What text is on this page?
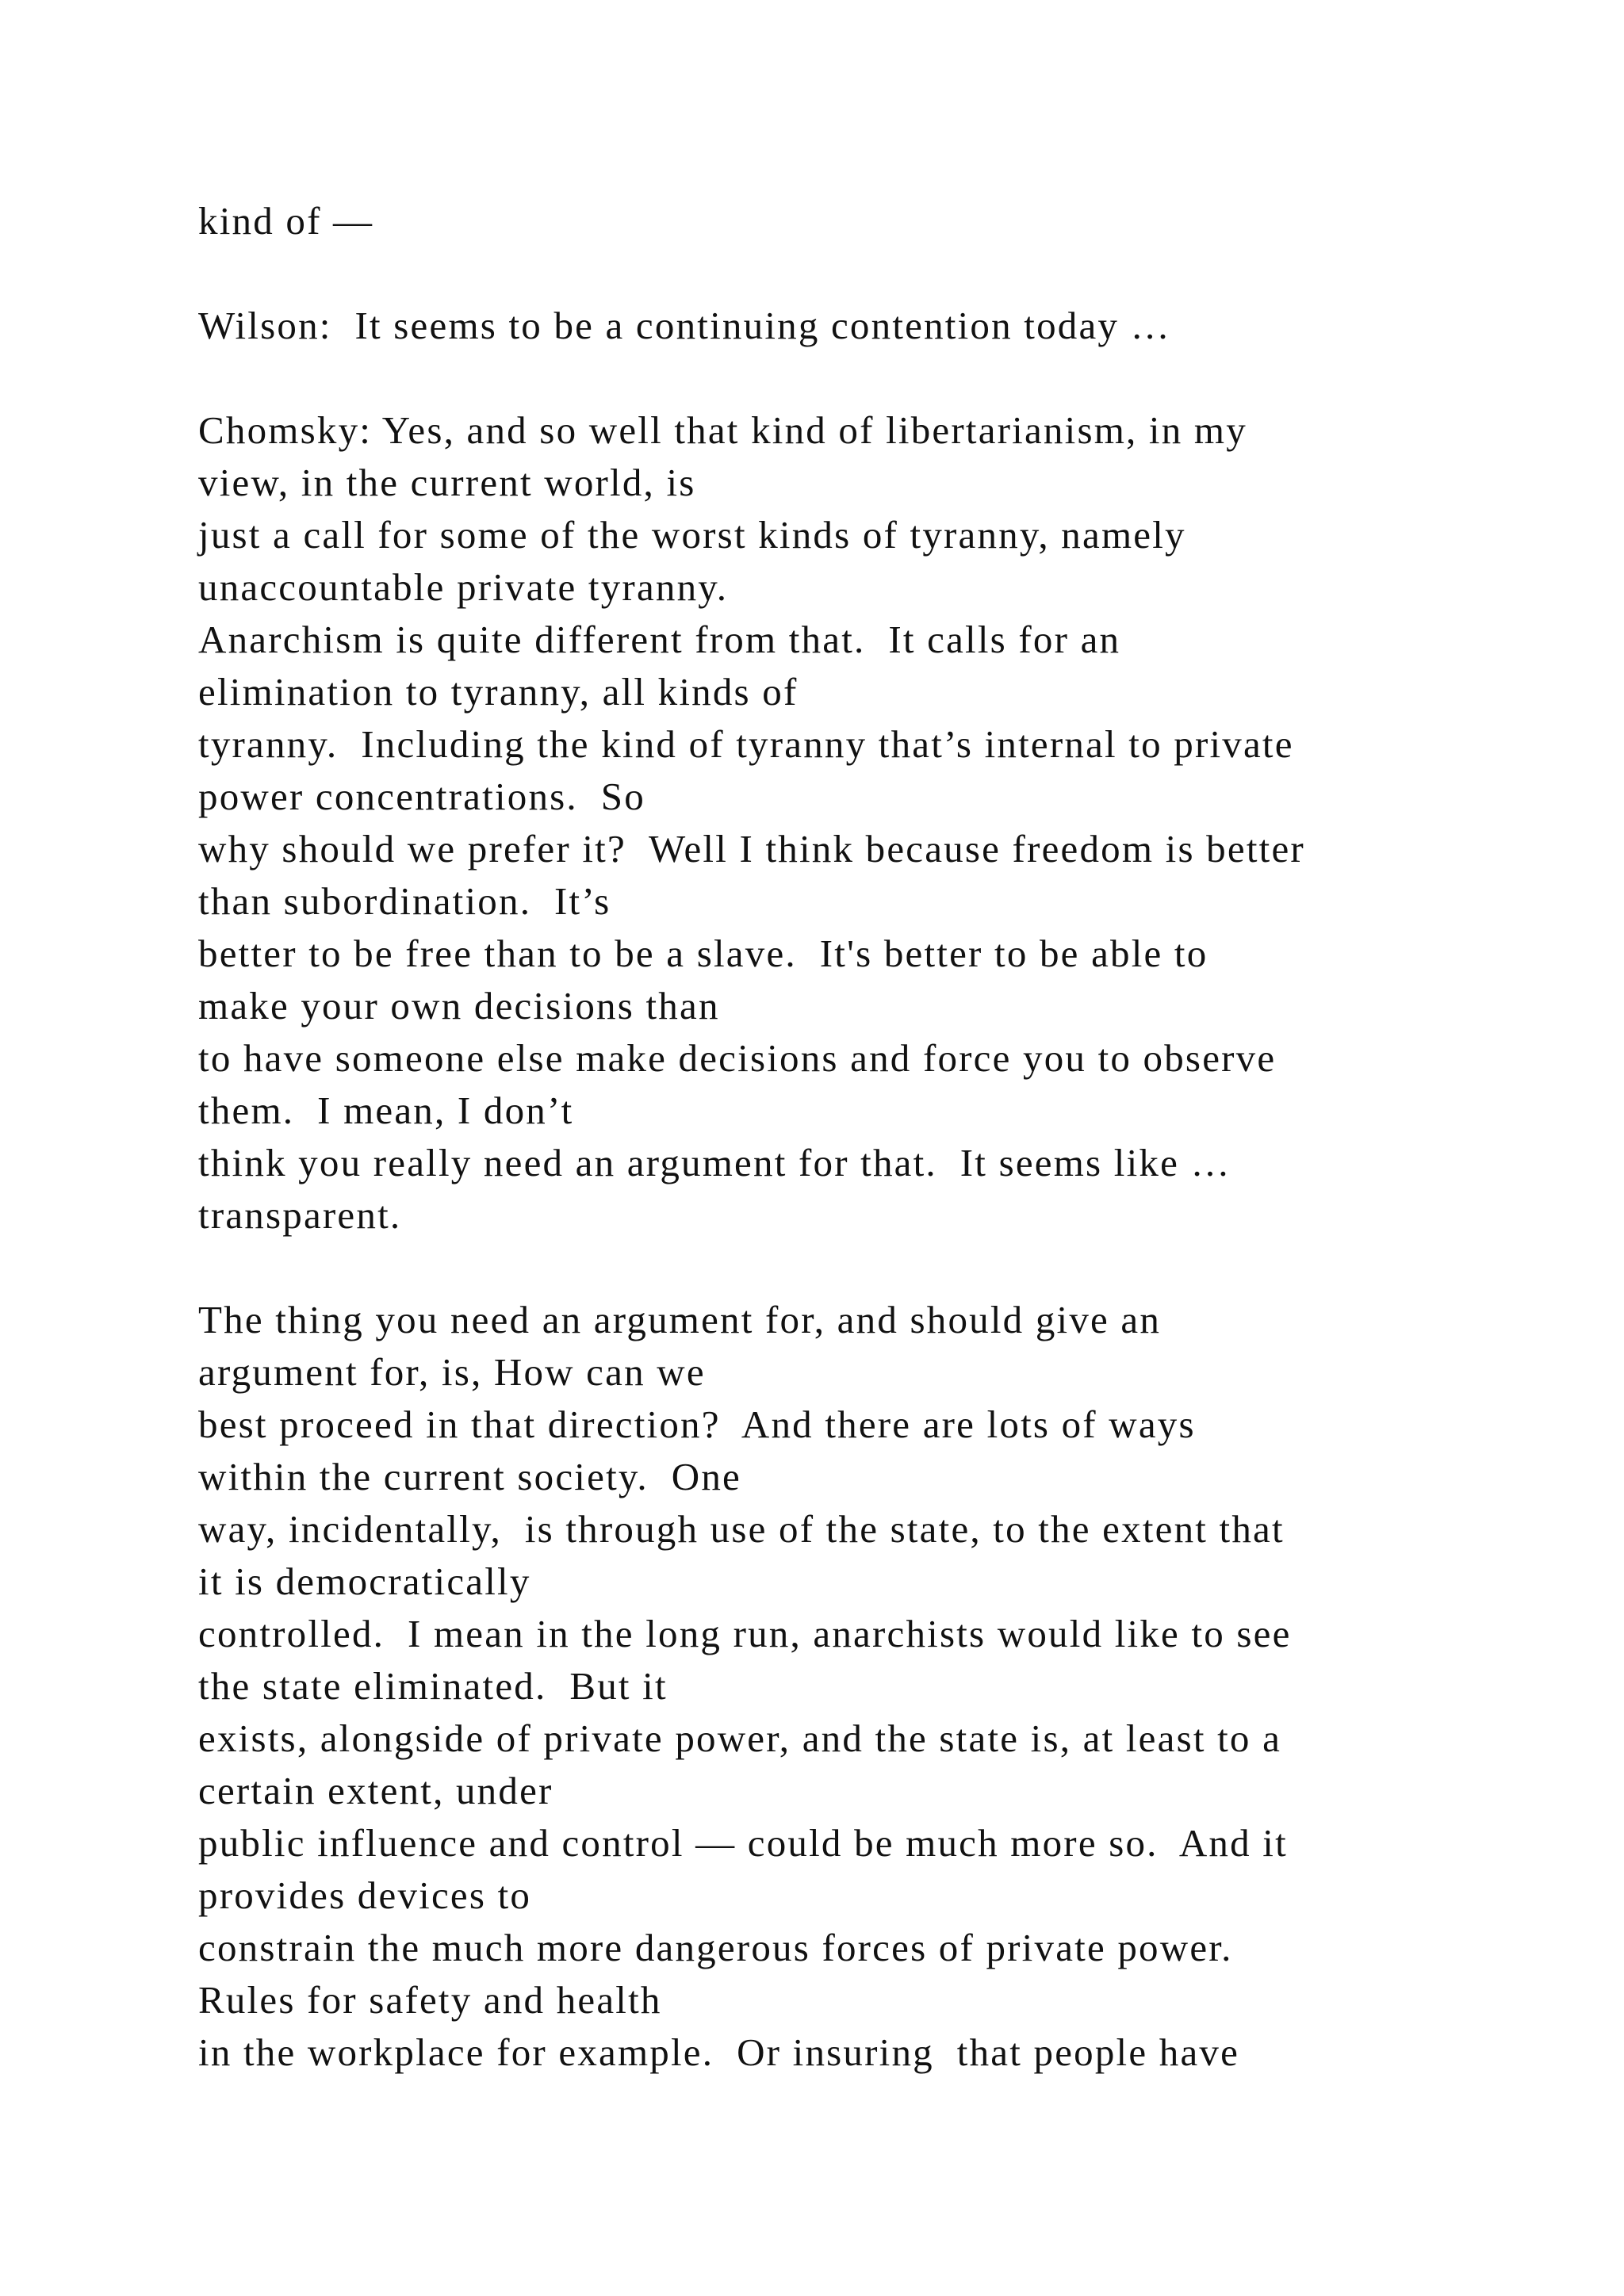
kind of —
Wilson:  It seems to be a continuing contention today …
Chomsky: Yes, and so well that kind of libertarianism, in my
view, in the current world, is
just a call for some of the worst kinds of tyranny, namely
unaccountable private tyranny.
Anarchism is quite different from that.  It calls for an
elimination to tyranny, all kinds of
tyranny.  Including the kind of tyranny that’s internal to private
power concentrations.  So
why should we prefer it?  Well I think because freedom is better
than subordination.  It’s
better to be free than to be a slave.  It's better to be able to
make your own decisions than
to have someone else make decisions and force you to observe
them.  I mean, I don’t
think you really need an argument for that.  It seems like …
transparent.
The thing you need an argument for, and should give an
argument for, is, How can we
best proceed in that direction?  And there are lots of ways
within the current society.  One
way, incidentally,  is through use of the state, to the extent that
it is democratically
controlled.  I mean in the long run, anarchists would like to see
the state eliminated.  But it
exists, alongside of private power, and the state is, at least to a
certain extent, under
public influence and control — could be much more so.  And it
provides devices to
constrain the much more dangerous forces of private power.
Rules for safety and health
in the workplace for example.  Or insuring  that people have
